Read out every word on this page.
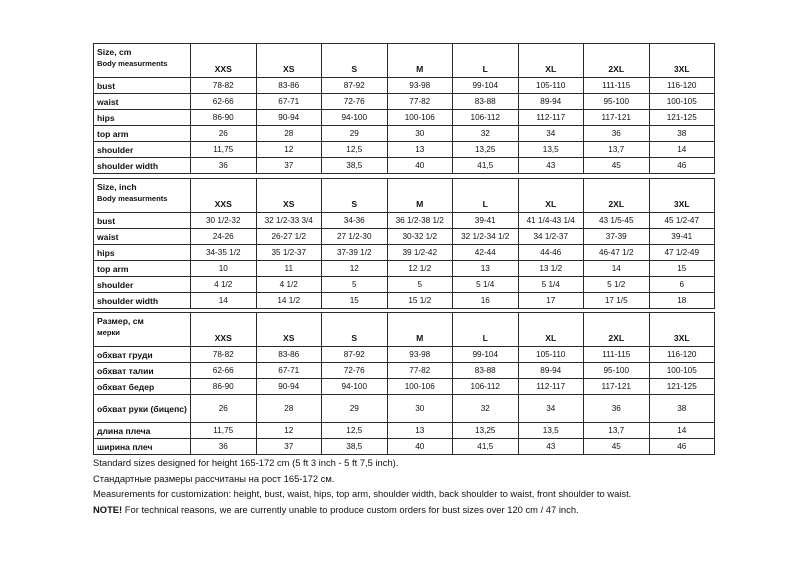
Size, cm
Body measurments	XXS	XS	S	M	L	XL	2XL	3XL
bust	78-82	83-86	87-92	93-98	99-104	105-110	111-115	116-120
waist	62-66	67-71	72-76	77-82	83-88	89-94	95-100	100-105
hips	86-90	90-94	94-100	100-106	106-112	112-117	117-121	121-125
top arm	26	28	29	30	32	34	36	38
shoulder	11,75	12	12,5	13	13,25	13,5	13,7	14
shoulder width	36	37	38,5	40	41,5	43	45	46
Size, inch
Body measurments	XXS	XS	S	M	L	XL	2XL	3XL
bust	30 1/2-32	32 1/2-33 3/4	34-36	36 1/2-38 1/2	39-41	41 1/4-43 1/4	43 1/5-45	45 1/2-47
waist	24-26	26-27 1/2	27 1/2-30	30-32 1/2	32 1/2-34 1/2	34 1/2-37	37-39	39-41
hips	34-35 1/2	35 1/2-37	37-39 1/2	39 1/2-42	42-44	44-46	46-47 1/2	47 1/2-49
top arm	10	11	12	12 1/2	13	13 1/2	14	15
shoulder	4 1/2	4 1/2	5	5	5 1/4	5 1/4	5 1/2	6
shoulder width	14	14 1/2	15	15 1/2	16	17	17 1/5	18
Размер, см
мерки	XXS	XS	S	M	L	XL	2XL	3XL
обхват груди	78-82	83-86	87-92	93-98	99-104	105-110	111-115	116-120
обхват талии	62-66	67-71	72-76	77-82	83-88	89-94	95-100	100-105
обхват бедер	86-90	90-94	94-100	100-106	106-112	112-117	117-121	121-125
обхват руки (бицепс)	26	28	29	30	32	34	36	38
длина плеча	11,75	12	12,5	13	13,25	13,5	13,7	14
ширина плеч	36	37	38,5	40	41,5	43	45	46

Standard sizes designed for height 165-172 cm (5 ft 3 inch - 5 ft 7,5 inch).

Стандартные размеры рассчитаны на рост 165-172 см.

Measurements for customization: height, bust, waist, hips, top arm, shoulder width, back shoulder to waist, front shoulder to waist.

NOTE! For technical reasons, we are currently unable to produce custom orders for bust sizes over 120 cm / 47 inch.
